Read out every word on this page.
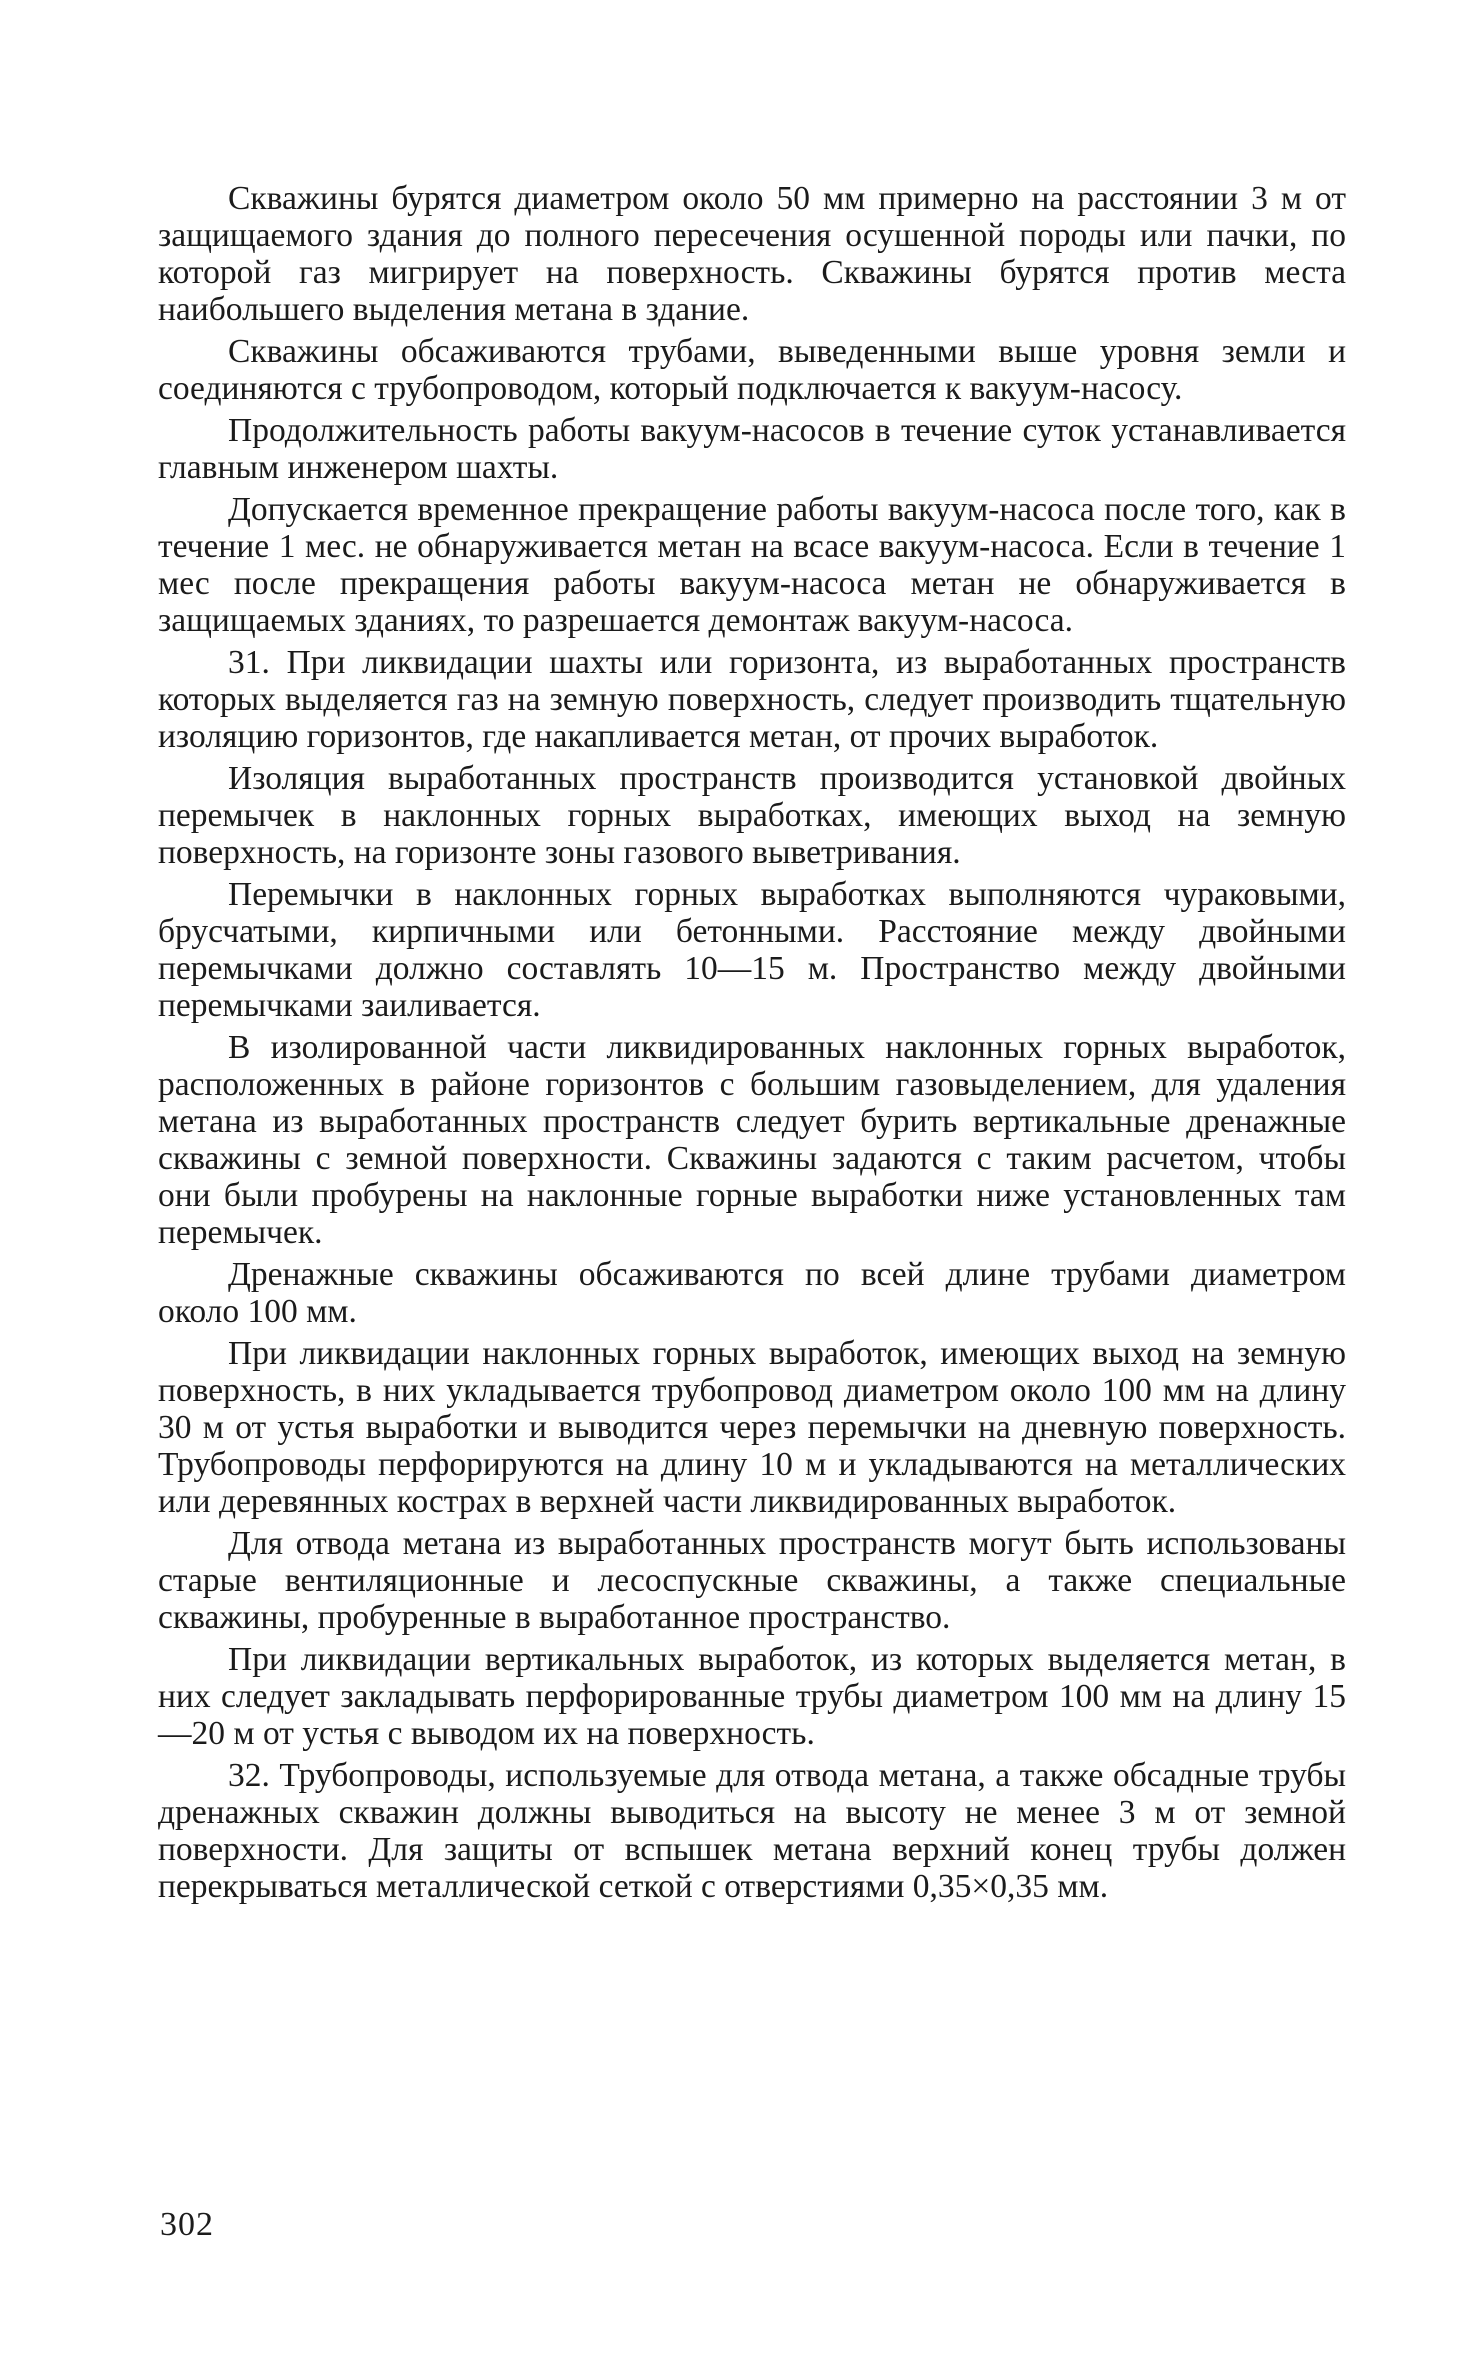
Скважины бурятся диаметром около 50 мм примерно на расстоянии 3 м от защищаемого здания до полного пересечения осушенной породы или пачки, по которой газ мигрирует на поверхность. Скважины бурятся против места наибольшего выделения метана в здание.

Скважины обсаживаются трубами, выведенными выше уровня земли и соединяются с трубопроводом, который подключается к вакуум-насосу.

Продолжительность работы вакуум-насосов в течение суток устанавливается главным инженером шахты.

Допускается временное прекращение работы вакуум-насоса после того, как в течение 1 мес. не обнаруживается метан на всасе вакуум-насоса. Если в течение 1 мес после прекращения работы вакуум-насоса метан не обнаруживается в защищаемых зданиях, то разрешается демонтаж вакуум-насоса.

31. При ликвидации шахты или горизонта, из выработанных пространств которых выделяется газ на земную поверхность, следует производить тщательную изоляцию горизонтов, где накапливается метан, от прочих выработок.

Изоляция выработанных пространств производится установкой двойных перемычек в наклонных горных выработках, имеющих выход на земную поверхность, на горизонте зоны газового выветривания.

Перемычки в наклонных горных выработках выполняются чураковыми, брусчатыми, кирпичными или бетонными. Расстояние между двойными перемычками должно составлять 10—15 м. Пространство между двойными перемычками заиливается.

В изолированной части ликвидированных наклонных горных выработок, расположенных в районе горизонтов с большим газовыделением, для удаления метана из выработанных пространств следует бурить вертикальные дренажные скважины с земной поверхности. Скважины задаются с таким расчетом, чтобы они были пробурены на наклонные горные выработки ниже установленных там перемычек.

Дренажные скважины обсаживаются по всей длине трубами диаметром около 100 мм.

При ликвидации наклонных горных выработок, имеющих выход на земную поверхность, в них укладывается трубопровод диаметром около 100 мм на длину 30 м от устья выработки и выводится через перемычки на дневную поверхность. Трубопроводы перфорируются на длину 10 м и укладываются на металлических или деревянных кострах в верхней части ликвидированных выработок.

Для отвода метана из выработанных пространств могут быть использованы старые вентиляционные и лесоспускные скважины, а также специальные скважины, пробуренные в выработанное пространство.

При ликвидации вертикальных выработок, из которых выделяется метан, в них следует закладывать перфорированные трубы диаметром 100 мм на длину 15—20 м от устья с выводом их на поверхность.

32. Трубопроводы, используемые для отвода метана, а также обсадные трубы дренажных скважин должны выводиться на высоту не менее 3 м от земной поверхности. Для защиты от вспышек метана верхний конец трубы должен перекрываться металлической сеткой с отверстиями 0,35×0,35 мм.

302
